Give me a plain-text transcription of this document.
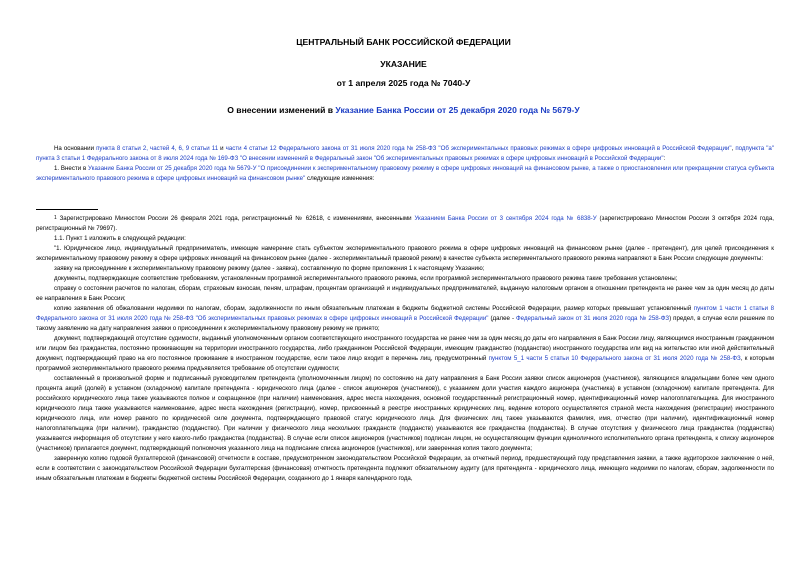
ЦЕНТРАЛЬНЫЙ БАНК РОССИЙСКОЙ ФЕДЕРАЦИИ
УКАЗАНИЕ
от 1 апреля 2025 года № 7040-У
О внесении изменений в Указание Банка России от 25 декабря 2020 года № 5679-У

На основании пункта 8 статьи 2, частей 4, 6, 9 статьи 11 и части 4 статьи 12 Федерального закона от 31 июля 2020 года № 258-ФЗ "Об экспериментальных правовых режимах в сфере цифровых инноваций в Российской Федерации", подпункта "а" пункта 3 статьи 1 Федерального закона от 8 июля 2024 года № 169-ФЗ "О внесении изменений в Федеральный закон "Об экспериментальных правовых режимах в сфере цифровых инноваций в Российской Федерации":

1. Внести в Указание Банка России от 25 декабря 2020 года № 5679-У "О присоединении к экспериментальному правовому режиму в сфере цифровых инноваций на финансовом рынке, а также о приостановлении или прекращении статуса субъекта экспериментального правового режима в сфере цифровых инноваций на финансовом рынке" следующие изменения:

1 Зарегистрировано Минюстом России 26 февраля 2021 года, регистрационный № 62618, с изменениями, внесенными Указанием Банка России от 3 сентября 2024 года № 6838-У (зарегистрировано Минюстом России 3 октября 2024 года, регистрационный № 79697).

1.1. Пункт 1 изложить в следующей редакции:

"1. Юридическое лицо, индивидуальный предприниматель, имеющие намерение стать субъектом экспериментального правового режима в сфере цифровых инноваций на финансовом рынке (далее - претендент), для целей присоединения к экспериментальному правовому режиму в сфере цифровых инноваций на финансовом рынке (далее - экспериментальный правовой режим) в качестве субъекта экспериментального правового режима направляют в Банк России следующие документы:

заявку на присоединение к экспериментальному правовому режиму (далее - заявка), составленную по форме приложения 1 к настоящему Указанию;

документы, подтверждающие соответствие требованиям, установленным программой экспериментального правового режима, если программой экспериментального правового режима такие требования установлены;

справку о состоянии расчетов по налогам, сборам, страховым взносам, пеням, штрафам, процентам организаций и индивидуальных предпринимателей, выданную налоговым органом в отношении претендента не ранее чем за один месяц до даты ее направления в Банк России;

копию заявления об обжаловании недоимки по налогам, сборам, задолженности по иным обязательным платежам в бюджеты бюджетной системы Российской Федерации, размер которых превышает установленный пунктом 1 части 1 статьи 8 Федерального закона от 31 июля 2020 года № 258-ФЗ "Об экспериментальных правовых режимах в сфере цифровых инноваций в Российской Федерации" (далее - Федеральный закон от 31 июля 2020 года № 258-ФЗ) предел, в случае если решение по такому заявлению на дату направления заявки о присоединении к экспериментальному правовому режиму не принято;

документ, подтверждающий отсутствие судимости, выданный уполномоченным органом соответствующего иностранного государства не ранее чем за один месяц до даты его направления в Банк России лицу, являющимся иностранным гражданином или лицом без гражданства, постоянно проживающим на территории иностранного государства, либо гражданином Российской Федерации, имеющим гражданство (подданство) иностранного государства или вид на жительство или иной действительный документ, подтверждающий право на его постоянное проживание в иностранном государстве, если такое лицо входит в перечень лиц, предусмотренный пунктом 5_1 части 5 статьи 10 Федерального закона от 31 июля 2020 года № 258-ФЗ, к которым программой экспериментального правового режима предъявляется требование об отсутствии судимости;

составленный в произвольной форме и подписанный руководителем претендента (уполномоченным лицом) по состоянию на дату направления в Банк России заявки список акционеров (участников), являющихся владельцами более чем одного процента акций (долей) в уставном (складочном) капитале претендента - юридического лица (далее - список акционеров (участников)), с указанием доли участия каждого акционера (участника) в уставном (складочном) капитале претендента. Для российского юридического лица также указываются полное и сокращенное (при наличии) наименования, адрес места нахождения, основной государственный регистрационный номер, идентификационный номер налогоплательщика. Для иностранного юридического лица также указываются наименование, адрес места нахождения (регистрации), номер, присвоенный в реестре иностранных юридических лиц, ведение которого осуществляется страной места нахождения (регистрации) иностранного юридического лица, или номер равного по юридической силе документа, подтверждающего правовой статус юридического лица. Для физических лиц также указываются фамилия, имя, отчество (при наличии), идентификационный номер налогоплательщика (при наличии), гражданство (подданство). При наличии у физического лица нескольких гражданств (подданств) указываются все гражданства (подданства). В случае отсутствия у физического лица гражданства (подданства) указывается информация об отсутствии у него какого-либо гражданства (подданства). В случае если список акционеров (участников) подписан лицом, не осуществляющим функции единоличного исполнительного органа претендента, к списку акционеров (участников) прилагается документ, подтверждающий полномочия указанного лица на подписание списка акционеров (участников), или заверенная копия такого документа;

заверенную копию годовой бухгалтерской (финансовой) отчетности в составе, предусмотренном законодательством Российской Федерации, за отчетный период, предшествующий году представления заявки, а также аудиторское заключение о ней, если в соответствии с законодательством Российской Федерации бухгалтерская (финансовая) отчетность претендента подлежит обязательному аудиту (для претендента - юридического лица, имеющего недоимки по налогам, сборам, задолженности по иным обязательным платежам в бюджеты бюджетной системы Российской Федерации, созданного до 1 января календарного года,
